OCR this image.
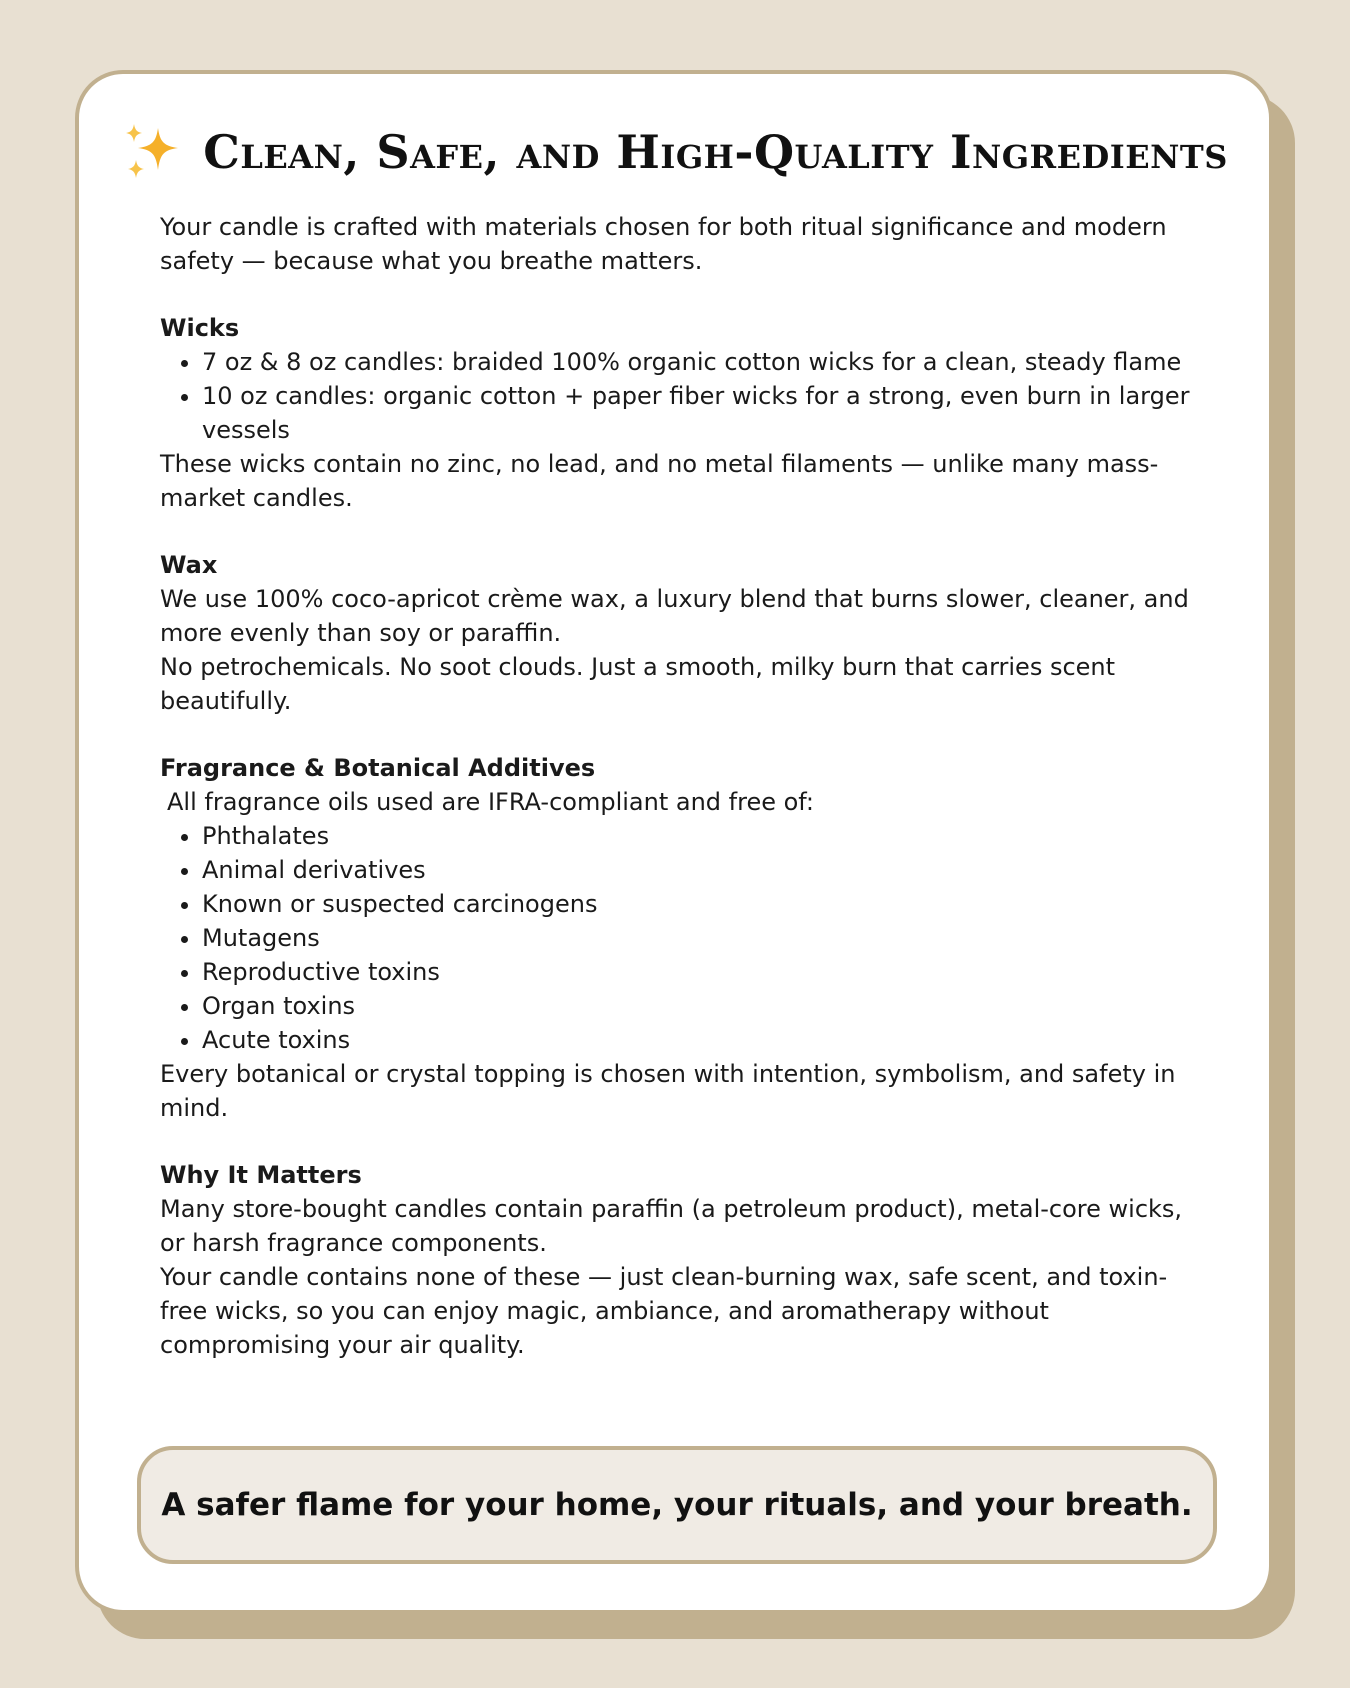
Clean, Safe, and High-Quality Ingredients

Your candle is crafted with materials chosen for both ritual significance and modern safety — because what you breathe matters.

Wicks

• 7 oz & 8 oz candles: braided 100% organic cotton wicks for a clean, steady flame
• 10 oz candles: organic cotton + paper fiber wicks for a strong, even burn in larger vessels

These wicks contain no zinc, no lead, and no metal filaments — unlike many mass-market candles.

Wax

We use 100% coco-apricot crème wax, a luxury blend that burns slower, cleaner, and more evenly than soy or paraffin.

No petrochemicals. No soot clouds. Just a smooth, milky burn that carries scent beautifully.

Fragrance & Botanical Additives

All fragrance oils used are IFRA-compliant and free of:

• Phthalates
• Animal derivatives
• Known or suspected carcinogens
• Mutagens
• Reproductive toxins
• Organ toxins
• Acute toxins

Every botanical or crystal topping is chosen with intention, symbolism, and safety in mind.

Why It Matters

Many store-bought candles contain paraffin (a petroleum product), metal-core wicks, or harsh fragrance components.

Your candle contains none of these — just clean-burning wax, safe scent, and toxin-free wicks, so you can enjoy magic, ambiance, and aromatherapy without compromising your air quality.

A safer flame for your home, your rituals, and your breath.
